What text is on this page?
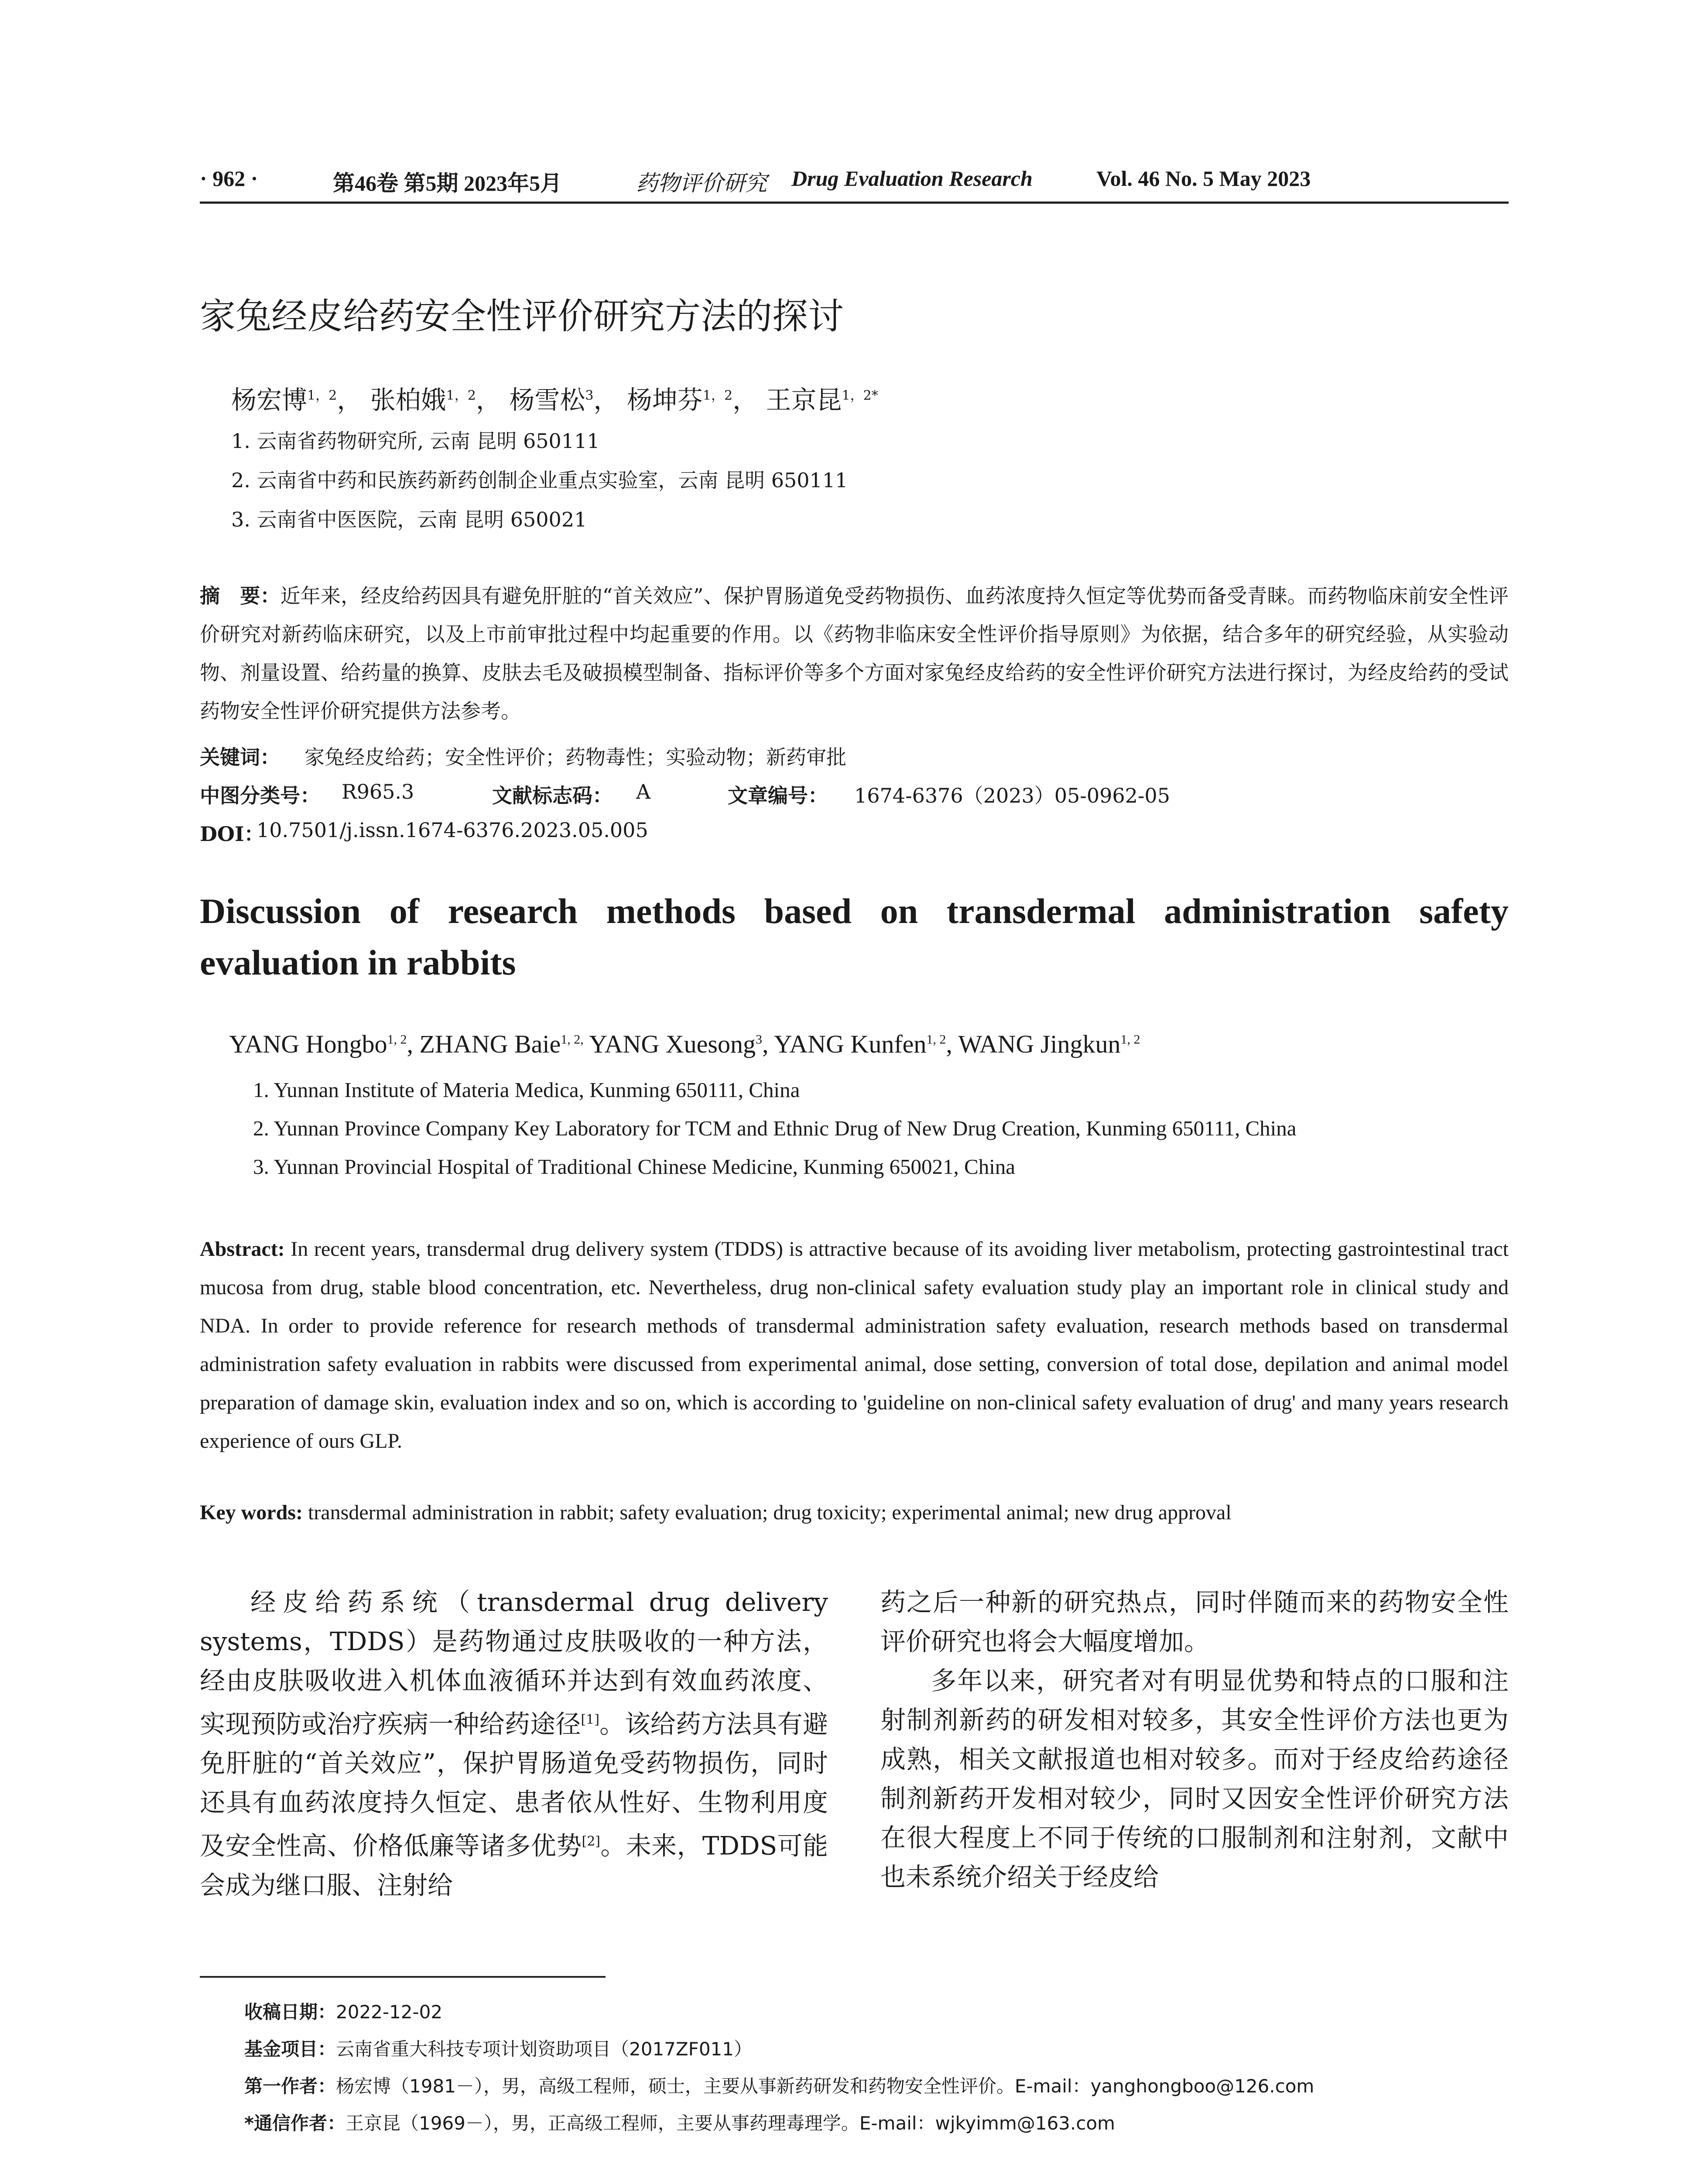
· 962 ·	第46卷 第5期 2023年5月	药物评价研究 Drug Evaluation Research	Vol. 46 No. 5 May 2023
家兔经皮给药安全性评价研究方法的探讨
杨宏博$^{1,2}$， 张柏娥$^{1,2}$， 杨雪松$^3$， 杨坤芬$^{1,2}$， 王京昆$^{1,2*}$
1. 云南省药物研究所, 云南 昆明 650111
2. 云南省中药和民族药新药创制企业重点实验室，云南 昆明 650111
3. 云南省中医医院，云南 昆明 650021
摘　要：近年来，经皮给药因具有避免肝脏的“首关效应”、保护胃肠道免受药物损伤、血药浓度持久恒定等优势而备受青睐。而药物临床前安全性评价研究对新药临床研究，以及上市前审批过程中均起重要的作用。以《药物非临床安全性评价指导原则》为依据，结合多年的研究经验，从实验动物、剂量设置、给药量的换算、皮肤去毛及破损模型制备、指标评价等多个方面对家兔经皮给药的安全性评价研究方法进行探讨，为经皮给药的受试药物安全性评价研究提供方法参考。
关键词： 家兔经皮给药；安全性评价；药物毒性；实验动物；新药审批
中图分类号： R965.3	文献标志码： A	文章编号： 1674-6376（2023）05-0962-05
DOI：
10.7501/j.issn.1674-6376.2023.05.005
Discussion of research methods based on transdermal administration safety evaluation in rabbits
YANG Hongbo$^{1, 2}$, ZHANG Baie$^{1, 2,}$ YANG Xuesong$^3$, YANG Kunfen$^{1, 2}$, WANG Jingkun$^{1, 2}$
1. Yunnan Institute of Materia Medica, Kunming 650111, China
2. Yunnan Province Company Key Laboratory for TCM and Ethnic Drug of New Drug Creation, Kunming 650111, China
3. Yunnan Provincial Hospital of Traditional Chinese Medicine, Kunming 650021, China
Abstract: In recent years, transdermal drug delivery system (TDDS) is attractive because of its avoiding liver metabolism, protecting gastrointestinal tract mucosa from drug, stable blood concentration, etc. Nevertheless, drug non-clinical safety evaluation study play an important role in clinical study and NDA. In order to provide reference for research methods of transdermal administration safety evaluation, research methods based on transdermal administration safety evaluation in rabbits were discussed from experimental animal, dose setting, conversion of total dose, depilation and animal model preparation of damage skin, evaluation index and so on, which is according to 'guideline on non-clinical safety evaluation of drug' and many years research experience of ours GLP.
Key words: transdermal administration in rabbit; safety evaluation; drug toxicity; experimental animal; new drug approval

经皮给药系统（transdermal drug delivery systems，TDDS）是药物通过皮肤吸收的一种方法，经由皮肤吸收进入机体血液循环并达到有效血药浓度、实现预防或治疗疾病一种给药途径[1]。该给药方法具有避免肝脏的“首关效应”，保护胃肠道免受药物损伤，同时还具有血药浓度持久恒定、患者依从性好、生物利用度及安全性高、价格低廉等诸多优势[2]。未来，TDDS可能会成为继口服、注射给

药之后一种新的研究热点，同时伴随而来的药物安全性评价研究也将会大幅度增加。

多年以来，研究者对有明显优势和特点的口服和注射制剂新药的研发相对较多，其安全性评价方法也更为成熟，相关文献报道也相对较多。而对于经皮给药途径制剂新药开发相对较少，同时又因安全性评价研究方法在很大程度上不同于传统的口服制剂和注射剂，文献中也未系统介绍关于经皮给

收稿日期：2022-12-02
基金项目：云南省重大科技专项计划资助项目（2017ZF011）
第一作者：杨宏博（1981－），男，高级工程师，硕士，主要从事新药研发和药物安全性评价。E-mail：yanghongboo@126.com
*通信作者：王京昆（1969－），男，正高级工程师，主要从事药理毒理学。E-mail：wjkyimm@163.com
